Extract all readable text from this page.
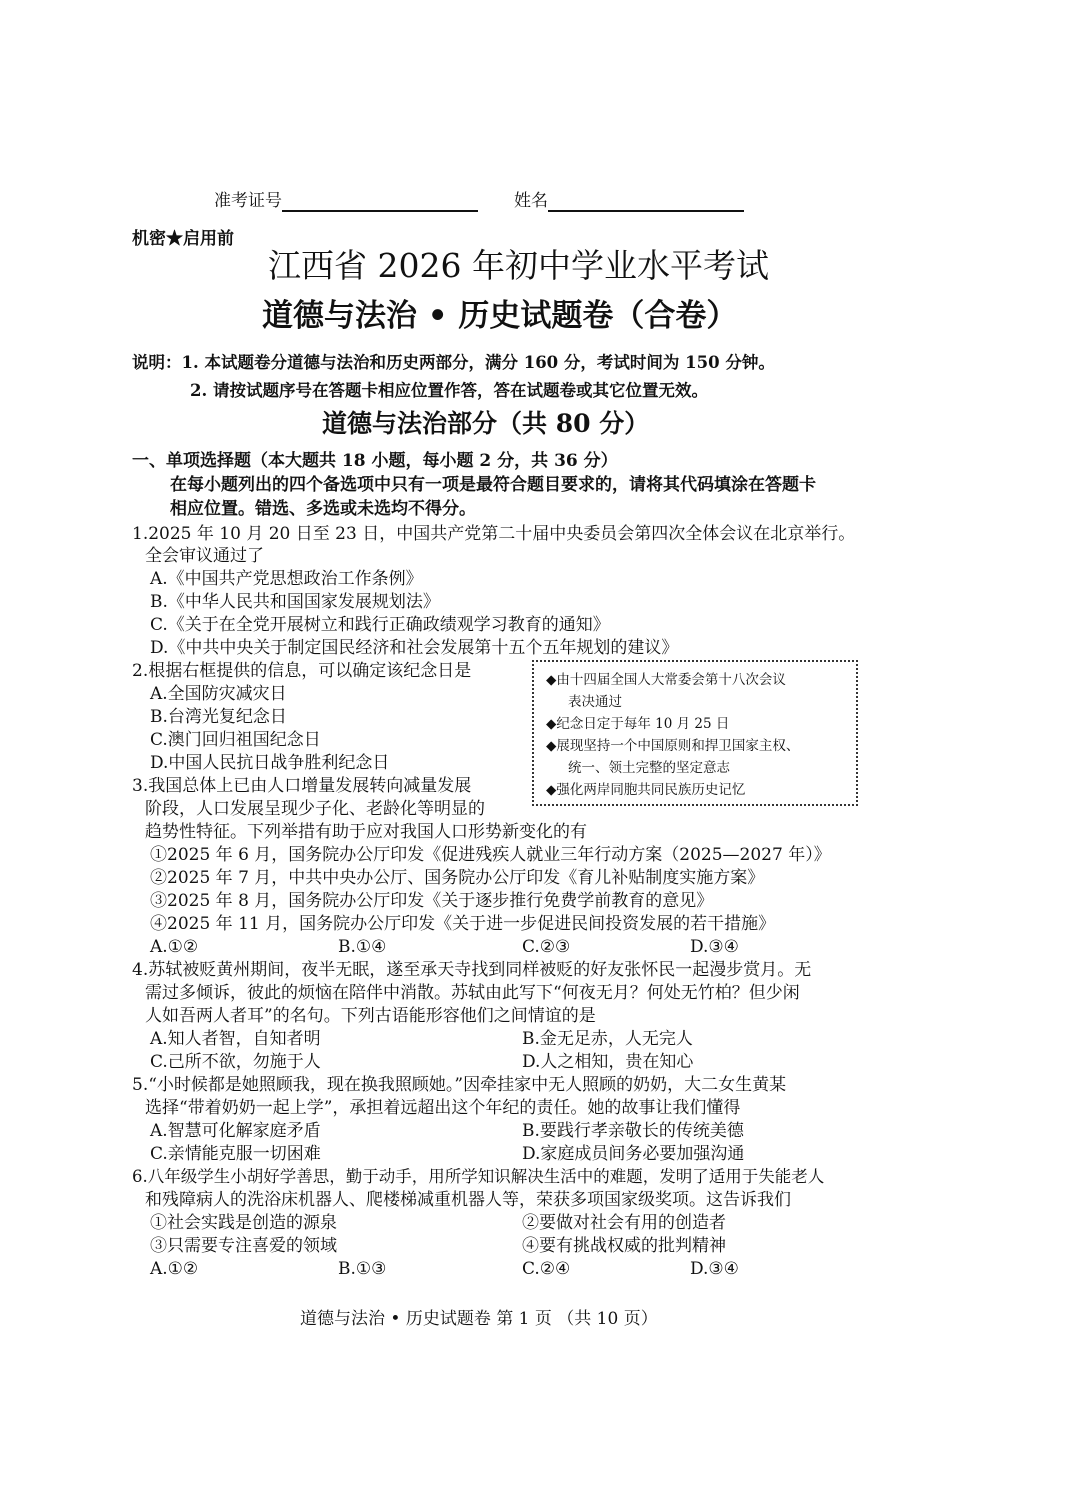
准考证号	姓名
机密★启用前
江西省 2026 年初中学业水平考试
道德与法治 • 历史试题卷（合卷）
说明：1. 本试题卷分道德与法治和历史两部分，满分 160 分，考试时间为 150 分钟。
2. 请按试题序号在答题卡相应位置作答，答在试题卷或其它位置无效。
道德与法治部分（共 80 分）
一、单项选择题（本大题共 18 小题，每小题 2 分，共 36 分）
在每小题列出的四个备选项中只有一项是最符合题目要求的，请将其代码填涂在答题卡
相应位置。错选、多选或未选均不得分。
1.2025 年 10 月 20 日至 23 日，中国共产党第二十届中央委员会第四次全体会议在北京举行。
全会审议通过了
A.《中国共产党思想政治工作条例》
B.《中华人民共和国国家发展规划法》
C.《关于在全党开展树立和践行正确政绩观学习教育的通知》
D.《中共中央关于制定国民经济和社会发展第十五个五年规划的建议》
2.根据右框提供的信息，可以确定该纪念日是
A.全国防灾减灾日
B.台湾光复纪念日
C.澳门回归祖国纪念日
D.中国人民抗日战争胜利纪念日
◆由十四届全国人大常委会第十八次会议
表决通过
◆纪念日定于每年 10 月 25 日
◆展现坚持一个中国原则和捍卫国家主权、
统一、领土完整的坚定意志
◆强化两岸同胞共同民族历史记忆
3.我国总体上已由人口增量发展转向减量发展
阶段，人口发展呈现少子化、老龄化等明显的
趋势性特征。下列举措有助于应对我国人口形势新变化的有
①2025 年 6 月，国务院办公厅印发《促进残疾人就业三年行动方案（2025—2027 年）》
②2025 年 7 月，中共中央办公厅、国务院办公厅印发《育儿补贴制度实施方案》
③2025 年 8 月，国务院办公厅印发《关于逐步推行免费学前教育的意见》
④2025 年 11 月，国务院办公厅印发《关于进一步促进民间投资发展的若干措施》
A.①②	B.①④	C.②③	D.③④
4.苏轼被贬黄州期间，夜半无眠，遂至承天寺找到同样被贬的好友张怀民一起漫步赏月。无
需过多倾诉，彼此的烦恼在陪伴中消散。苏轼由此写下“何夜无月？何处无竹柏？但少闲
人如吾两人者耳”的名句。下列古语能形容他们之间情谊的是
A.知人者智，自知者明	B.金无足赤，人无完人
C.己所不欲，勿施于人	D.人之相知，贵在知心
5.“小时候都是她照顾我，现在换我照顾她。”因牵挂家中无人照顾的奶奶，大二女生黄某
选择“带着奶奶一起上学”，承担着远超出这个年纪的责任。她的故事让我们懂得
A.智慧可化解家庭矛盾	B.要践行孝亲敬长的传统美德
C.亲情能克服一切困难	D.家庭成员间务必要加强沟通
6.八年级学生小胡好学善思，勤于动手，用所学知识解决生活中的难题，发明了适用于失能老人
和残障病人的洗浴床机器人、爬楼梯减重机器人等，荣获多项国家级奖项。这告诉我们
①社会实践是创造的源泉	②要做对社会有用的创造者
③只需要专注喜爱的领域	④要有挑战权威的批判精神
A.①②	B.①③	C.②④	D.③④
道德与法治 • 历史试题卷 第 1 页 （共 10 页）
